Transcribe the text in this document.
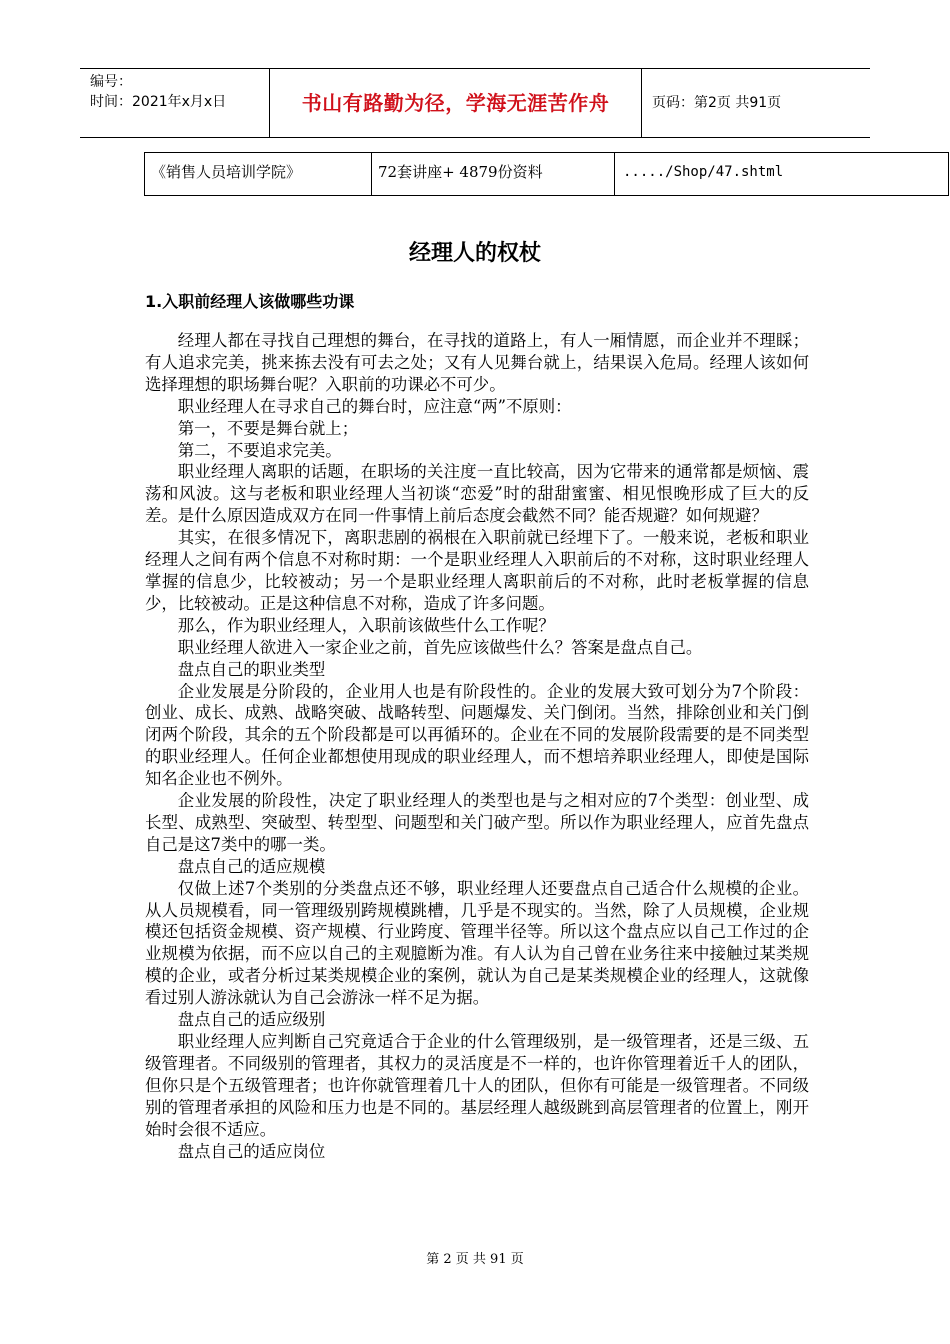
编号：
时间：2021年x月x日	书山有路勤为径，学海无涯苦作舟	页码：第2页 共91页
《销售人员培训学院》	72套讲座+ 4879份资料	...../Shop/47.shtml
经理人的权杖
1.入职前经理人该做哪些功课

经理人都在寻找自己理想的舞台，在寻找的道路上，有人一厢情愿，而企业并不理睬；有人追求完美，挑来拣去没有可去之处；又有人见舞台就上，结果误入危局。经理人该如何选择理想的职场舞台呢？入职前的功课必不可少。

职业经理人在寻求自己的舞台时，应注意“两”不原则：

第一，不要是舞台就上；

第二，不要追求完美。

职业经理人离职的话题，在职场的关注度一直比较高，因为它带来的通常都是烦恼、震荡和风波。这与老板和职业经理人当初谈“恋爱”时的甜甜蜜蜜、相见恨晚形成了巨大的反差。是什么原因造成双方在同一件事情上前后态度会截然不同？能否规避？如何规避？

其实，在很多情况下，离职悲剧的祸根在入职前就已经埋下了。一般来说，老板和职业经理人之间有两个信息不对称时期：一个是职业经理人入职前后的不对称，这时职业经理人掌握的信息少，比较被动；另一个是职业经理人离职前后的不对称，此时老板掌握的信息少，比较被动。正是这种信息不对称，造成了许多问题。

那么，作为职业经理人，入职前该做些什么工作呢？

职业经理人欲进入一家企业之前，首先应该做些什么？答案是盘点自己。

盘点自己的职业类型

企业发展是分阶段的，企业用人也是有阶段性的。企业的发展大致可划分为7个阶段：创业、成长、成熟、战略突破、战略转型、问题爆发、关门倒闭。当然，排除创业和关门倒闭两个阶段，其余的五个阶段都是可以再循环的。企业在不同的发展阶段需要的是不同类型的职业经理人。任何企业都想使用现成的职业经理人，而不想培养职业经理人，即使是国际知名企业也不例外。

企业发展的阶段性，决定了职业经理人的类型也是与之相对应的7个类型：创业型、成长型、成熟型、突破型、转型型、问题型和关门破产型。所以作为职业经理人，应首先盘点自己是这7类中的哪一类。

盘点自己的适应规模

仅做上述7个类别的分类盘点还不够，职业经理人还要盘点自己适合什么规模的企业。从人员规模看，同一管理级别跨规模跳槽，几乎是不现实的。当然，除了人员规模，企业规模还包括资金规模、资产规模、行业跨度、管理半径等。所以这个盘点应以自己工作过的企业规模为依据，而不应以自己的主观臆断为准。有人认为自己曾在业务往来中接触过某类规模的企业，或者分析过某类规模企业的案例，就认为自己是某类规模企业的经理人，这就像看过别人游泳就认为自己会游泳一样不足为据。

盘点自己的适应级别

职业经理人应判断自己究竟适合于企业的什么管理级别，是一级管理者，还是三级、五级管理者。不同级别的管理者，其权力的灵活度是不一样的，也许你管理着近千人的团队，但你只是个五级管理者；也许你就管理着几十人的团队，但你有可能是一级管理者。不同级别的管理者承担的风险和压力也是不同的。基层经理人越级跳到高层管理者的位置上，刚开始时会很不适应。

盘点自己的适应岗位

第 2 页 共 91 页
